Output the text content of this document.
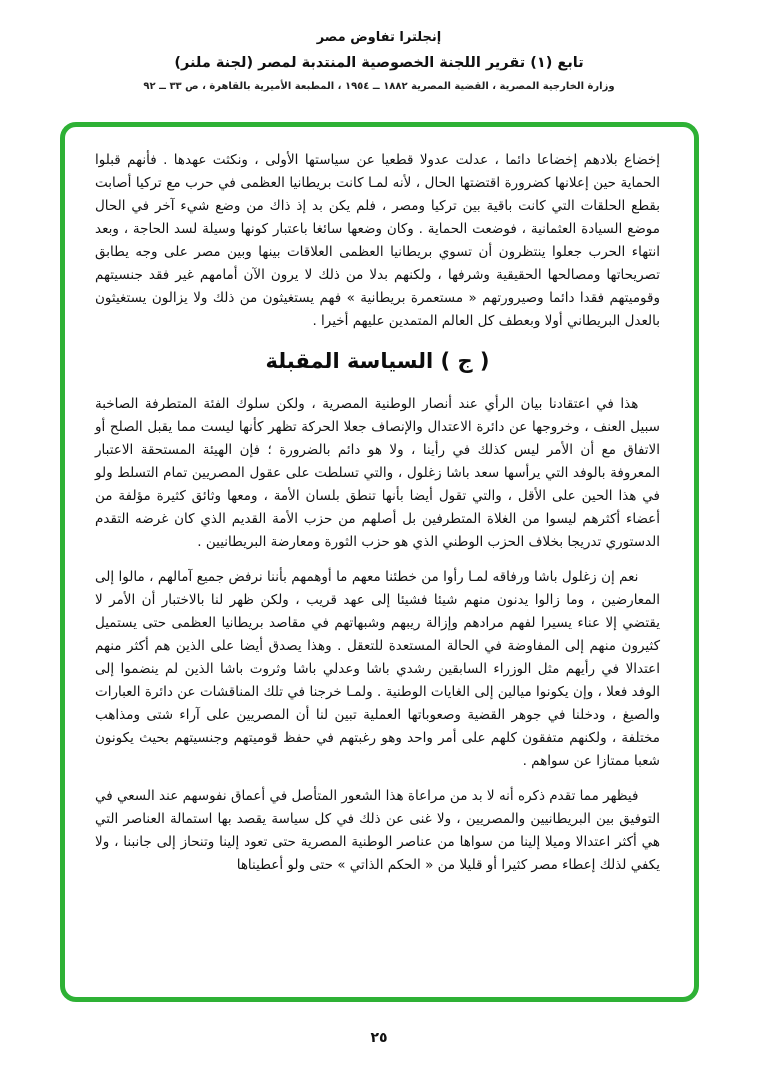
إنجلترا تفاوض مصر
تابع (١) تقرير اللجنة الخصوصية المنتدبة لمصر (لجنة ملنر)
وزارة الخارجية المصرية ، القضية المصرية ١٨٨٢ ــ ١٩٥٤ ، المطبعة الأميرية بالقاهرة ، ص ٣٣ ــ ٩٢

إخضاع بلادهم إخضاعا دائما ، عدلت عدولا قطعيا عن سياستها الأولى ، ونكثت عهدها . فأنهم قبلوا الحماية حين إعلانها كضرورة اقتضتها الحال ، لأنه لمـا كانت بريطانيا العظمى في حرب مع تركيا أصابت بقطع الحلقات التي كانت باقية بين تركيا ومصر ، فلم يكن بد إذ ذاك من وضع شيء آخر في الحال موضع السيادة العثمانية ، فوضعت الحماية . وكان وضعها سائغا باعتبار كونها وسيلة لسد الحاجة ، وبعد انتهاء الحرب جعلوا ينتظرون أن تسوي بريطانيا العظمى العلاقات بينها وبين مصر على وجه يطابق تصريحاتها ومصالحها الحقيقية وشرفها ، ولكنهم بدلا من ذلك لا يرون الآن أمامهم غير فقد جنسيتهم وقوميتهم فقدا دائما وصيرورتهم « مستعمرة بريطانية » فهم يستغيثون من ذلك ولا يزالون يستغيثون بالعدل البريطاني أولا وبعطف كل العالم المتمدين عليهم أخيرا .

( ج ) السياسة المقبلة

هذا في اعتقادنا بيان الرأي عند أنصار الوطنية المصرية ، ولكن سلوك الفئة المتطرفة الصاخبة سبيل العنف ، وخروجها عن دائرة الاعتدال والإنصاف جعلا الحركة تظهر كأنها ليست مما يقبل الصلح أو الاتفاق مع أن الأمر ليس كذلك في رأينا ، ولا هو دائم بالضرورة ؛ فإن الهيئة المستحقة الاعتبار المعروفة بالوفد التي يرأسها سعد باشا زغلول ، والتي تسلطت على عقول المصريين تمام التسلط ولو في هذا الحين على الأقل ، والتي تقول أيضا بأنها تنطق بلسان الأمة ، ومعها وثائق كثيرة مؤلفة من أعضاء أكثرهم ليسوا من الغلاة المتطرفين بل أصلهم من حزب الأمة القديم الذي كان غرضه التقدم الدستوري تدريجا بخلاف الحزب الوطني الذي هو حزب الثورة ومعارضة البريطانيين .

نعم إن زغلول باشا ورفاقه لمـا رأوا من خطئنا معهم ما أوهمهم بأننا نرفض جميع آمالهم ، مالوا إلى المعارضين ، وما زالوا يدنون منهم شيئا فشيئا إلى عهد قريب ، ولكن ظهر لنا بالاختبار أن الأمر لا يقتضي إلا عناء يسيرا لفهم مرادهم وإزالة ريبهم وشبهاتهم في مقاصد بريطانيا العظمى حتى يستميل كثيرون منهم إلى المفاوضة في الحالة المستعدة للتعقل . وهذا يصدق أيضا على الذين هم أكثر منهم اعتدالا في رأيهم مثل الوزراء السابقين رشدي باشا وعدلي باشا وثروت باشا الذين لم ينضموا إلى الوفد فعلا ، وإن يكونوا ميالين إلى الغايات الوطنية . ولمـا خرجنا في تلك المناقشات عن دائرة العبارات والصيغ ، ودخلنا في جوهر القضية وصعوباتها العملية تبين لنا أن المصريين على آراء شتى ومذاهب مختلفة ، ولكنهم متفقون كلهم على أمر واحد وهو رغبتهم في حفظ قوميتهم وجنسيتهم بحيث يكونون شعبا ممتازا عن سواهم .

فيظهر مما تقدم ذكره أنه لا بد من مراعاة هذا الشعور المتأصل في أعماق نفوسهم عند السعي في التوفيق بين البريطانيين والمصريين ، ولا غنى عن ذلك في كل سياسة يقصد بها استمالة العناصر التي هي أكثر اعتدالا وميلا إلينا من سواها من عناصر الوطنية المصرية حتى تعود إلينا وتنحاز إلى جانبنا ، ولا يكفي لذلك إعطاء مصر كثيرا أو قليلا من « الحكم الذاتي » حتى ولو أعطيناها

٢٥
